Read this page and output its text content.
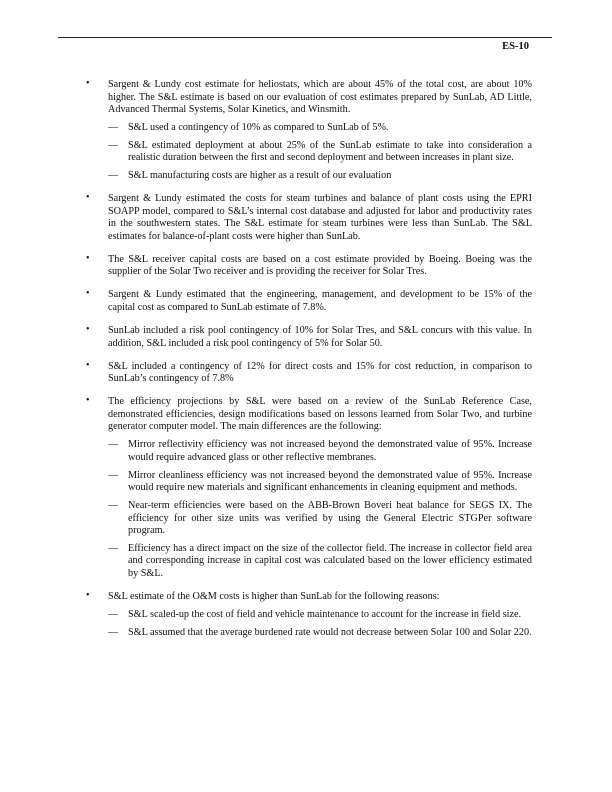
ES-10
• Sargent & Lundy cost estimate for heliostats, which are about 45% of the total cost, are about 10% higher. The S&L estimate is based on our evaluation of cost estimates prepared by SunLab, AD Little, Advanced Thermal Systems, Solar Kinetics, and Winsmith.

— S&L used a contingency of 10% as compared to SunLab of 5%.

— S&L estimated deployment at about 25% of the SunLab estimate to take into consideration a realistic duration between the first and second deployment and between increases in plant size.

— S&L manufacturing costs are higher as a result of our evaluation

• Sargent & Lundy estimated the costs for steam turbines and balance of plant costs using the EPRI SOAPP model, compared to S&L’s internal cost database and adjusted for labor and productivity rates in the southwestern states. The S&L estimate for steam turbines were less than SunLab. The S&L estimates for balance-of-plant costs were higher than SunLab.

• The S&L receiver capital costs are based on a cost estimate provided by Boeing. Boeing was the supplier of the Solar Two receiver and is providing the receiver for Solar Tres.

• Sargent & Lundy estimated that the engineering, management, and development to be 15% of the capital cost as compared to SunLab estimate of 7.8%.

• SunLab included a risk pool contingency of 10% for Solar Tres, and S&L concurs with this value. In addition, S&L included a risk pool contingency of 5% for Solar 50.

• S&L included a contingency of 12% for direct costs and 15% for cost reduction, in comparison to SunLab’s contingency of 7.8%

• The efficiency projections by S&L were based on a review of the SunLab Reference Case, demonstrated efficiencies, design modifications based on lessons learned from Solar Two, and turbine generator computer model. The main differences are the following:

— Mirror reflectivity efficiency was not increased beyond the demonstrated value of 95%. Increase would require advanced glass or other reflective membranes.

— Mirror cleanliness efficiency was not increased beyond the demonstrated value of 95%. Increase would require new materials and significant enhancements in cleaning equipment and methods.

— Near-term efficiencies were based on the ABB-Brown Boveri heat balance for SEGS IX. The efficiency for other size units was verified by using the General Electric STGPer software program.

— Efficiency has a direct impact on the size of the collector field. The increase in collector field area and corresponding increase in capital cost was calculated based on the lower efficiency estimated by S&L.

• S&L estimate of the O&M costs is higher than SunLab for the following reasons:

— S&L scaled-up the cost of field and vehicle maintenance to account for the increase in field size.

— S&L assumed that the average burdened rate would not decrease between Solar 100 and Solar 220.
